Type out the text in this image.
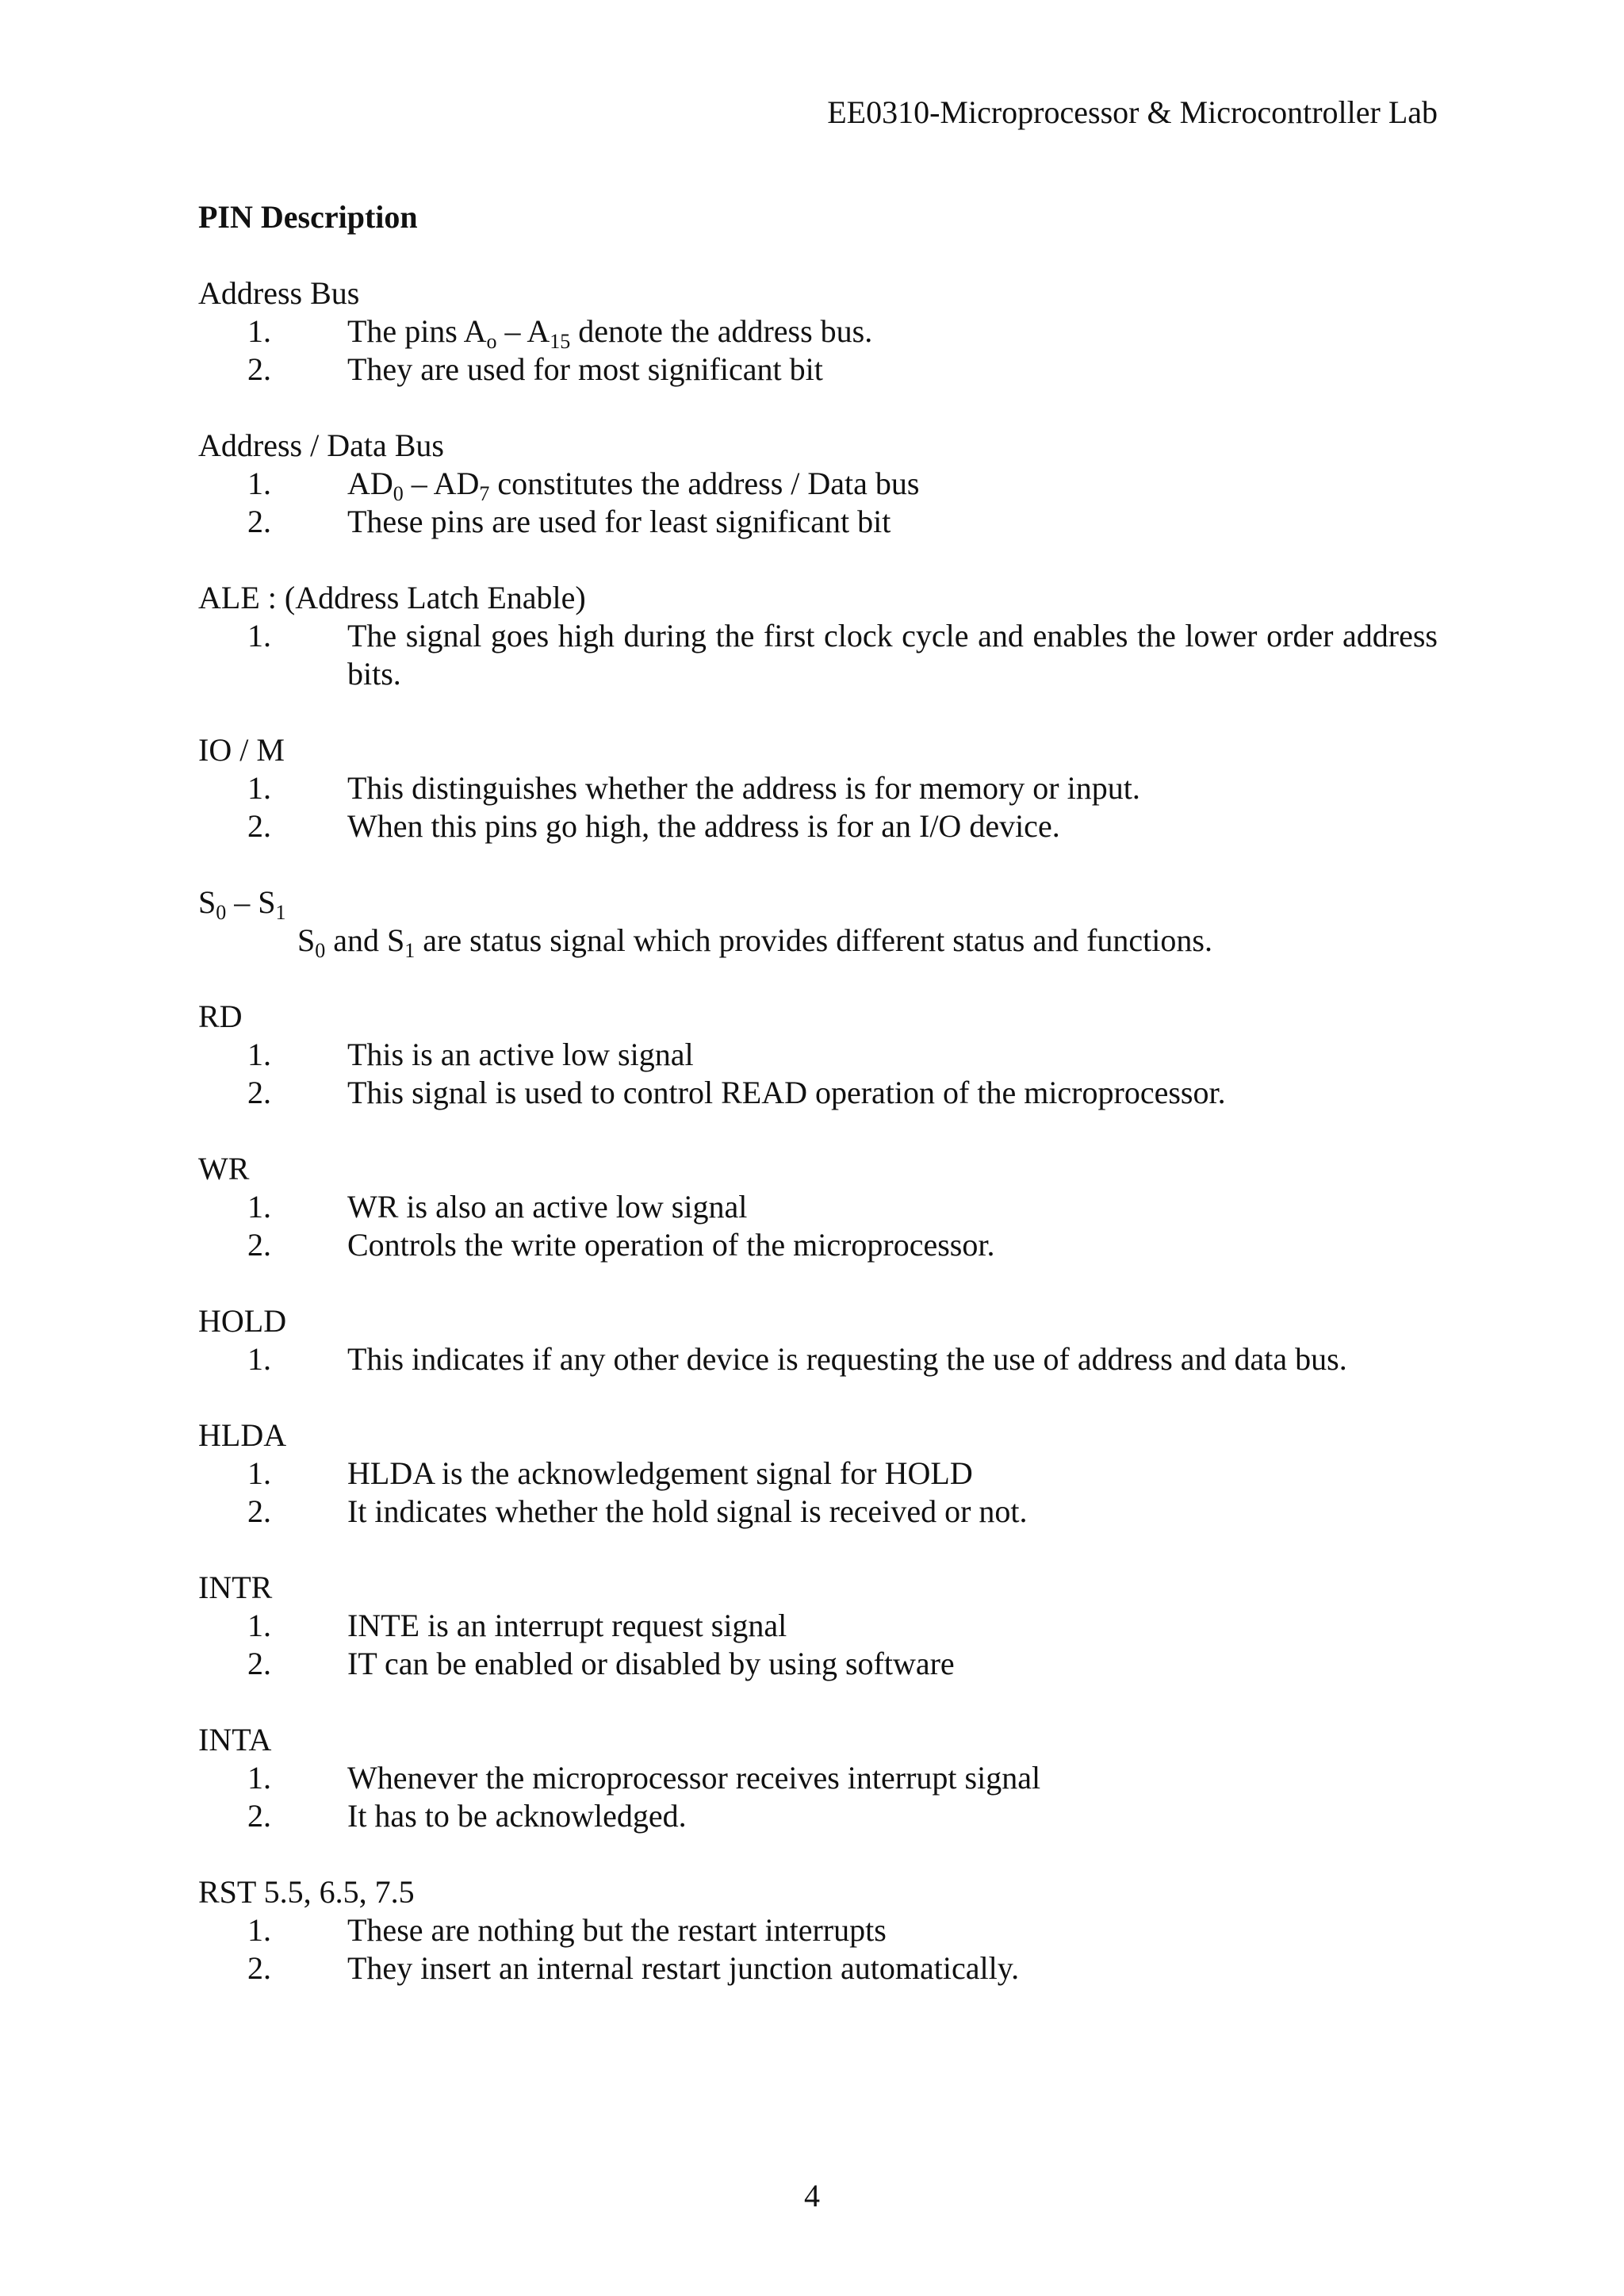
EE0310-Microprocessor & Microcontroller Lab
PIN Description
Address Bus
1. The pins $A_o - A_{15}$ denote the address bus.
2. They are used for most significant bit
Address / Data Bus
1. $AD_0 - AD_7$ constitutes the address / Data bus
2. These pins are used for least significant bit
ALE : (Address Latch Enable)
1. The signal goes high during the first clock cycle and enables the lower order address bits.
IO / M
1. This distinguishes whether the address is for memory or input.
2. When this pins go high, the address is for an I/O device.
$S_0 - S_1$
$S_0$ and $S_1$ are status signal which provides different status and functions.
RD
1. This is an active low signal
2. This signal is used to control READ operation of the microprocessor.
WR
1. WR is also an active low signal
2. Controls the write operation of the microprocessor.
HOLD
1. This indicates if any other device is requesting the use of address and data bus.
HLDA
1. HLDA is the acknowledgement signal for HOLD
2. It indicates whether the hold signal is received or not.
INTR
1. INTE is an interrupt request signal
2. IT can be enabled or disabled by using software
INTA
1. Whenever the microprocessor receives interrupt signal
2. It has to be acknowledged.
RST 5.5, 6.5, 7.5
1. These are nothing but the restart interrupts
2. They insert an internal restart junction automatically.
4
